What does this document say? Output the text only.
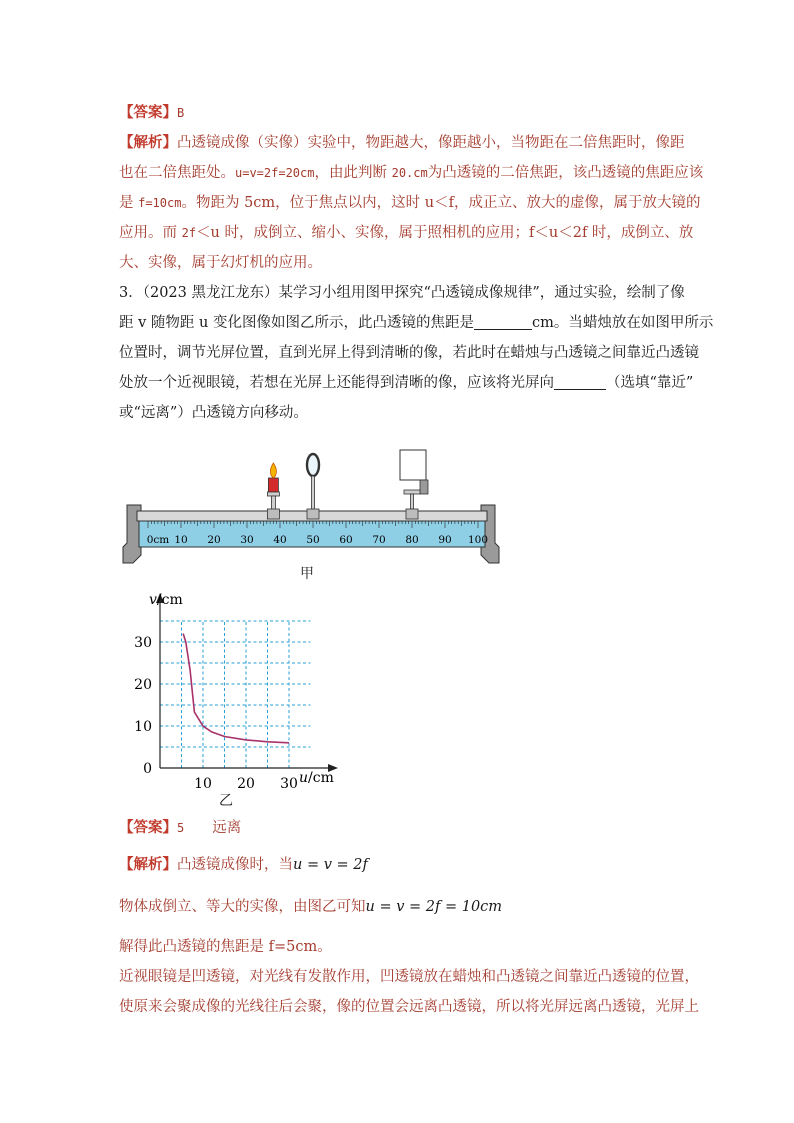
【答案】B
【解析】凸透镜成像（实像）实验中，物距越大，像距越小，当物距在二倍焦距时，像距
也在二倍焦距处。u=v=2f=20cm，由此判断 20.cm为凸透镜的二倍焦距，该凸透镜的焦距应该
是 f=10cm。物距为 5cm，位于焦点以内，这时 u＜f，成正立、放大的虚像，属于放大镜的
应用。而 2f＜u 时，成倒立、缩小、实像，属于照相机的应用；f＜u＜2f 时，成倒立、放
大、实像，属于幻灯机的应用。
3．（2023 黑龙江龙东）某学习小组用图甲探究“凸透镜成像规律”，通过实验，绘制了像
距 v 随物距 u 变化图像如图乙所示，此凸透镜的焦距是	cm。当蜡烛放在如图甲所示
位置时，调节光屏位置，直到光屏上得到清晰的像，若此时在蜡烛与凸透镜之间靠近凸透镜
处放一个近视眼镜，若想在光屏上还能得到清晰的像，应该将光屏向	（选填“靠近”
或“远离”）凸透镜方向移动。
0cm 10 20 30 40 50 60 70 80 90 100
甲
0
10
20
30
10 20 30
v/cm
u/cm
乙
【答案】5 远离
【解析】凸透镜成像时，当u = v = 2f
物体成倒立、等大的实像，由图乙可知u = v = 2f = 10cm
解得此凸透镜的焦距是 f=5cm。
近视眼镜是凹透镜，对光线有发散作用，凹透镜放在蜡烛和凸透镜之间靠近凸透镜的位置，
使原来会聚成像的光线往后会聚，像的位置会远离凸透镜，所以将光屏远离凸透镜，光屏上
